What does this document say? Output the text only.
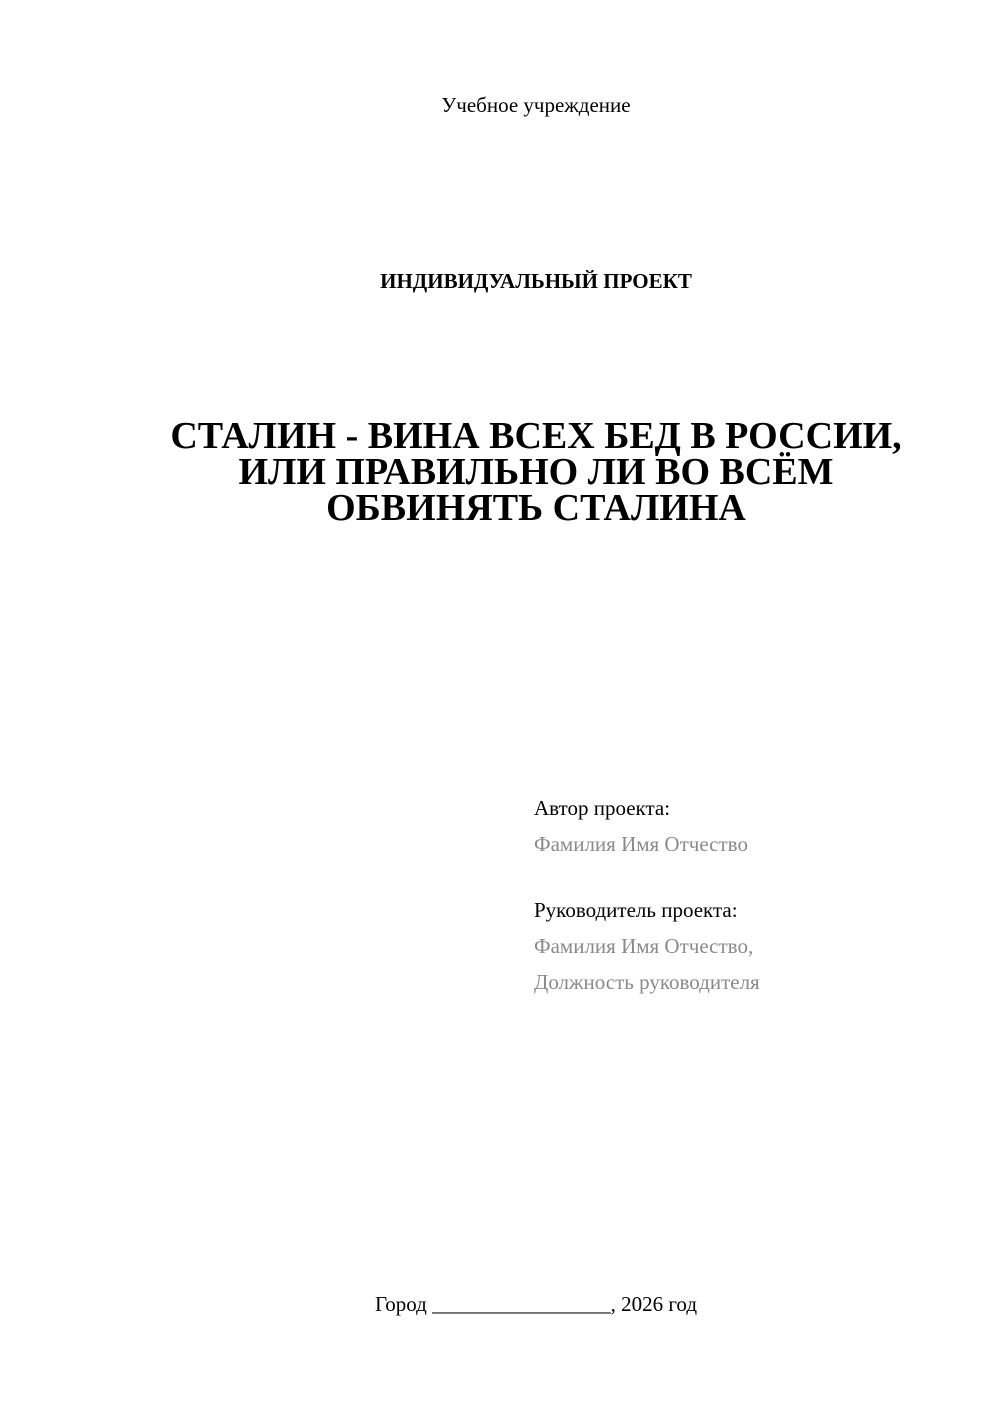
Учебное учреждение
ИНДИВИДУАЛЬНЫЙ ПРОЕКТ
СТАЛИН - ВИНА ВСЕХ БЕД В РОССИИ,
ИЛИ ПРАВИЛЬНО ЛИ ВО ВСЁМ
ОБВИНЯТЬ СТАЛИНА
Автор проекта:
Фамилия Имя Отчество
Руководитель проекта:
Фамилия Имя Отчество,
Должность руководителя
Город _________________, 2026 год
